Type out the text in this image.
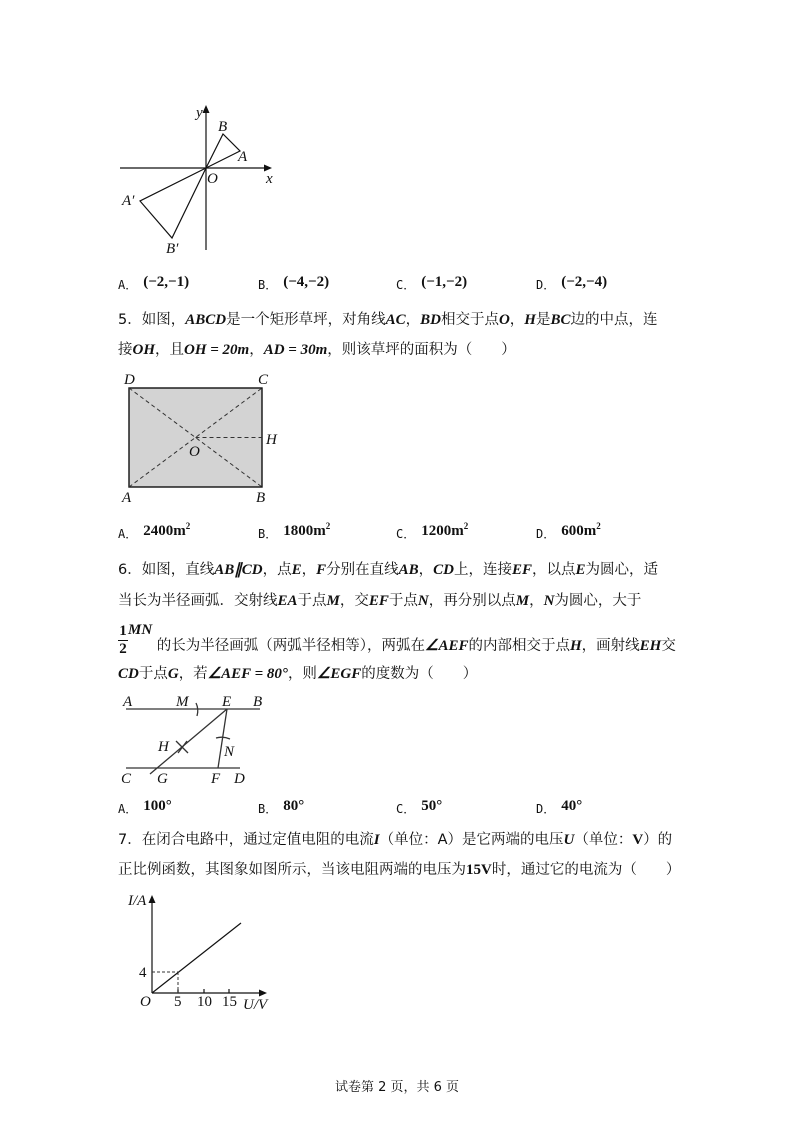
y
x
O
B
A
A′
B′
A． (−2,−1)	B． (−4,−2)	C． (−1,−2)	D． (−2,−4)
5．如图，ABCD是一个矩形草坪，对角线AC，BD相交于点O，H是BC边的中点，连
接OH，且OH = 20m，AD = 30m，则该草坪的面积为（　　）
D	C
H
O
A	B
A． $2400m^2$
B． $1800m^2$
C． $1200m^2$
D． $600m^2$
6．如图，直线AB∥CD，点E，F分别在直线AB，CD上，连接EF，以点E为圆心，适
当长为半径画弧．交射线EA于点M，交EF于点N，再分别以点M，N为圆心，大于
$\frac{1}{2}MN$ 的长为半径画弧（两弧半径相等），两弧在∠AEF的内部相交于点H，画射线EH交
CD于点G，若∠AEF = 80°，则∠EGF的度数为（　　）
A	M E B
H	N
C G	F D
A． 100°	B． 80°	C． 50°	D． 40°
7．在闭合电路中，通过定值电阻的电流I（单位：A）是它两端的电压U（单位：V）的
正比例函数，其图象如图所示，当该电阻两端的电压为15V时，通过它的电流为（　　）
I/A
U/V
O
4
5 10 15
试卷第 2 页，共 6 页
